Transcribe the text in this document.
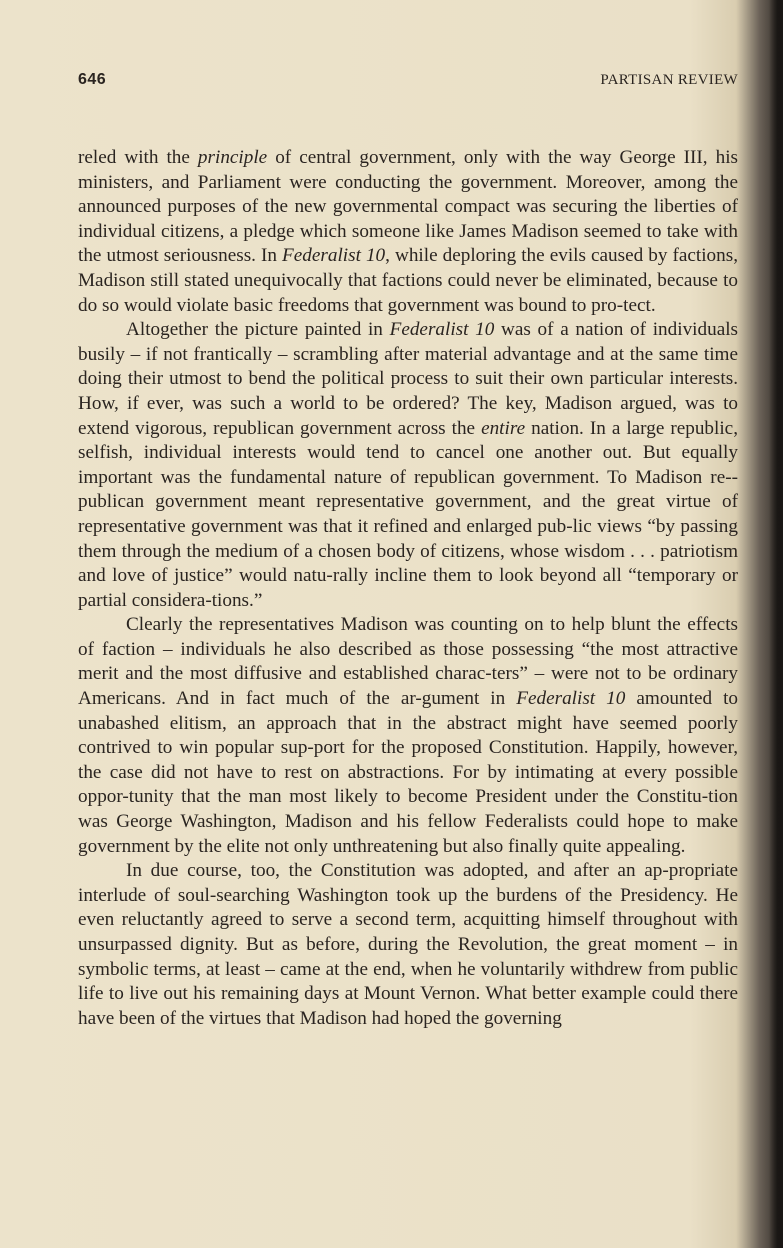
646	PARTISAN REVIEW

reled with the principle of central government, only with the way George III, his ministers, and Parliament were conducting the government. Moreover, among the announced purposes of the new governmental compact was securing the liberties of individual citizens, a pledge which someone like James Madison seemed to take with the utmost seriousness. In Federalist 10, while deploring the evils caused by factions, Madison still stated unequivocally that factions could never be eliminated, because to do so would violate basic freedoms that government was bound to pro-tect.

Altogether the picture painted in Federalist 10 was of a nation of individuals busily – if not frantically – scrambling after material advantage and at the same time doing their utmost to bend the political process to suit their own particular interests. How, if ever, was such a world to be ordered? The key, Madison argued, was to extend vigorous, republican government across the entire nation. In a large republic, selfish, individual interests would tend to cancel one another out. But equally important was the fundamental nature of republican government. To Madison re-publican government meant representative government, and the great virtue of representative government was that it refined and enlarged pub-lic views “by passing them through the medium of a chosen body of citizens, whose wisdom . . . patriotism and love of justice” would natu-rally incline them to look beyond all “temporary or partial considera-tions.”

Clearly the representatives Madison was counting on to help blunt the effects of faction – individuals he also described as those possessing “the most attractive merit and the most diffusive and established charac-ters” – were not to be ordinary Americans. And in fact much of the ar-gument in Federalist 10 amounted to unabashed elitism, an approach that in the abstract might have seemed poorly contrived to win popular sup-port for the proposed Constitution. Happily, however, the case did not have to rest on abstractions. For by intimating at every possible oppor-tunity that the man most likely to become President under the Constitu-tion was George Washington, Madison and his fellow Federalists could hope to make government by the elite not only unthreatening but also finally quite appealing.

In due course, too, the Constitution was adopted, and after an ap-propriate interlude of soul-searching Washington took up the burdens of the Presidency. He even reluctantly agreed to serve a second term, acquitting himself throughout with unsurpassed dignity. But as before, during the Revolution, the great moment – in symbolic terms, at least – came at the end, when he voluntarily withdrew from public life to live out his remaining days at Mount Vernon. What better example could there have been of the virtues that Madison had hoped the governing
